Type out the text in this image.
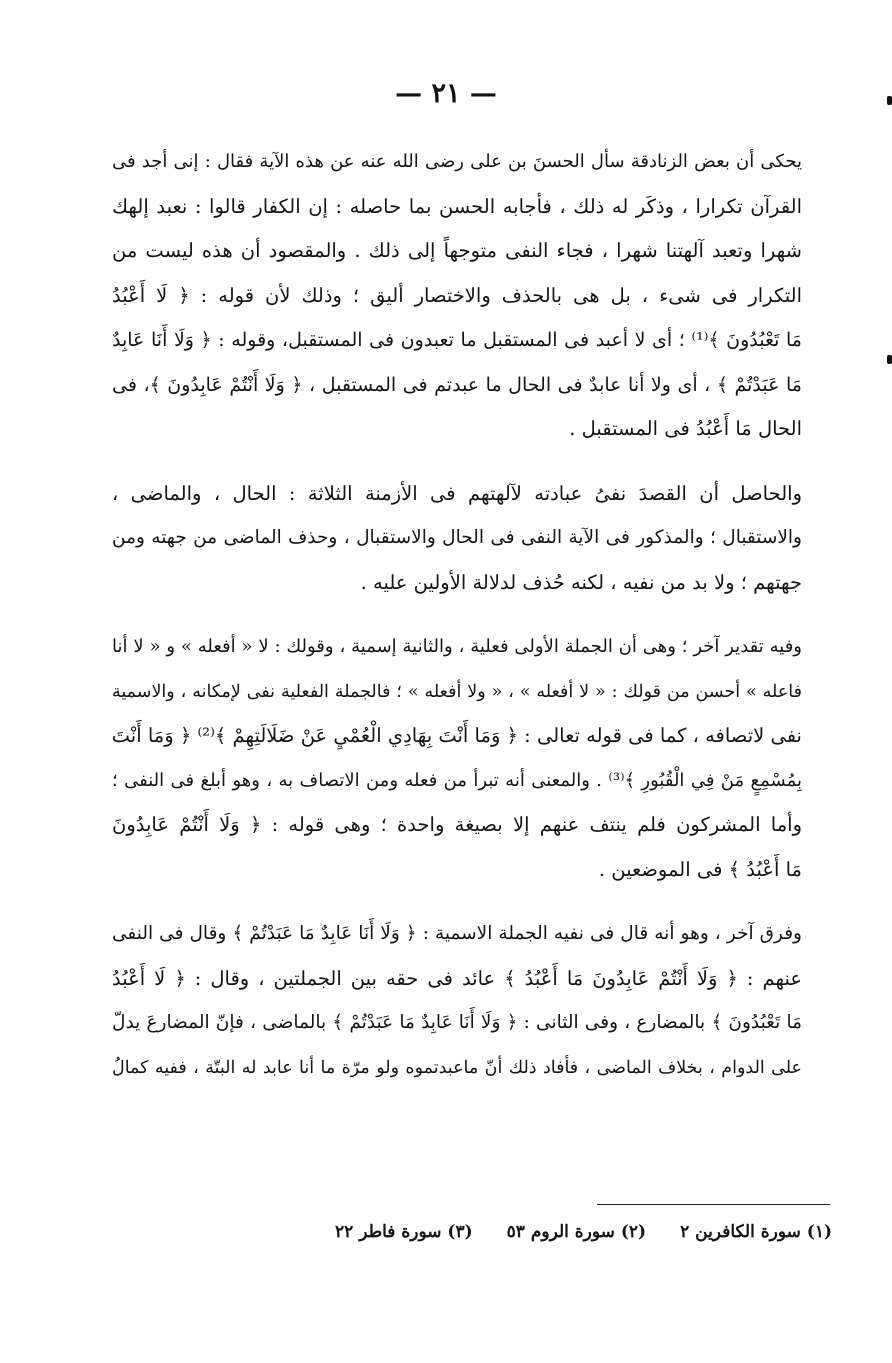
— ٢١ —
يحكى أن بعض الزنادقة سأل الحسنَ بن على رضى الله عنه عن هذه الآية فقال : إنى أجد فى
القرآن تكرارا ، وذكَر له ذلك ، فأجابه الحسن بما حاصله : إن الكفار قالوا : نعبد إلهك
شهرا وتعبد آلهتنا شهرا ، فجاء النفى متوجهاً إلى ذلك . والمقصود أن هذه ليست من
التكرار فى شىء ، بل هى بالحذف والاختصار أليق ؛ وذلك لأن قوله : ﴿ لَا أَعْبُدُ
مَا تَعْبُدُونَ ﴾⁽¹⁾ ؛ أى لا أعبد فى المستقبل ما تعبدون فى المستقبل، وقوله : ﴿ وَلَا أَنَا عَابِدٌ
مَا عَبَدْتُمْ ﴾ ، أى ولا أنا عابدٌ فى الحال ما عبدتم فى المستقبل ، ﴿ وَلَا أَنْتُمْ عَابِدُونَ ﴾، فى
الحال مَا أَعْبُدُ فى المستقبل .
والحاصل أن القصدَ نفىُ عبادته لآلهتهم فى الأزمنة الثلاثة : الحال ، والماضى ،
والاستقبال ؛ والمذكور فى الآية النفى فى الحال والاستقبال ، وحذف الماضى من جهته ومن
جهتهم ؛ ولا بد من نفيه ، لكنه حُذف لدلالة الأولين عليه .
وفيه تقدير آخر ؛ وهى أن الجملة الأولى فعلية ، والثانية إسمية ، وقولك : لا « أفعله » و « لا أنا
فاعله » أحسن من قولك : « لا أفعله » ، « ولا أفعله » ؛ فالجملة الفعلية نفى لإمكانه ، والاسمية
نفى لاتصافه ، كما فى قوله تعالى : ﴿ وَمَا أَنْتَ بِهَادِي الْعُمْيِ عَنْ ضَلَالَتِهِمْ ﴾⁽²⁾ ﴿ وَمَا أَنْتَ
بِمُسْمِعٍ مَنْ فِي الْقُبُورِ ﴾⁽³⁾ . والمعنى أنه تبرأ من فعله ومن الاتصاف به ، وهو أبلغ فى النفى ؛
وأما المشركون فلم ينتف عنهم إلا بصيغة واحدة ؛ وهى قوله : ﴿ وَلَا أَنْتُمْ عَابِدُونَ
مَا أَعْبُدُ ﴾ فى الموضعين .
وفرق آخر ، وهو أنه قال فى نفيه الجملة الاسمية : ﴿ وَلَا أَنَا عَابِدٌ مَا عَبَدْتُمْ ﴾ وقال فى النفى
عنهم : ﴿ وَلَا أَنْتُمْ عَابِدُونَ مَا أَعْبُدُ ﴾ عائد فى حقه بين الجملتين ، وقال : ﴿ لَا أَعْبُدُ
مَا تَعْبُدُونَ ﴾ بالمضارع ، وفى الثانى : ﴿ وَلَا أَنَا عَابِدٌ مَا عَبَدْتُمْ ﴾ بالماضى ، فإنّ المضارعَ يدلّ
على الدوام ، بخلاف الماضى ، فأفاد ذلك أنّ ماعبدتموه ولو مرّة ما أنا عابد له البتّة ، ففيه كمالُ
(١) سورة الكافرين ٢
(٢) سورة الروم ٥٣
(٣) سورة فاطر ٢٢
